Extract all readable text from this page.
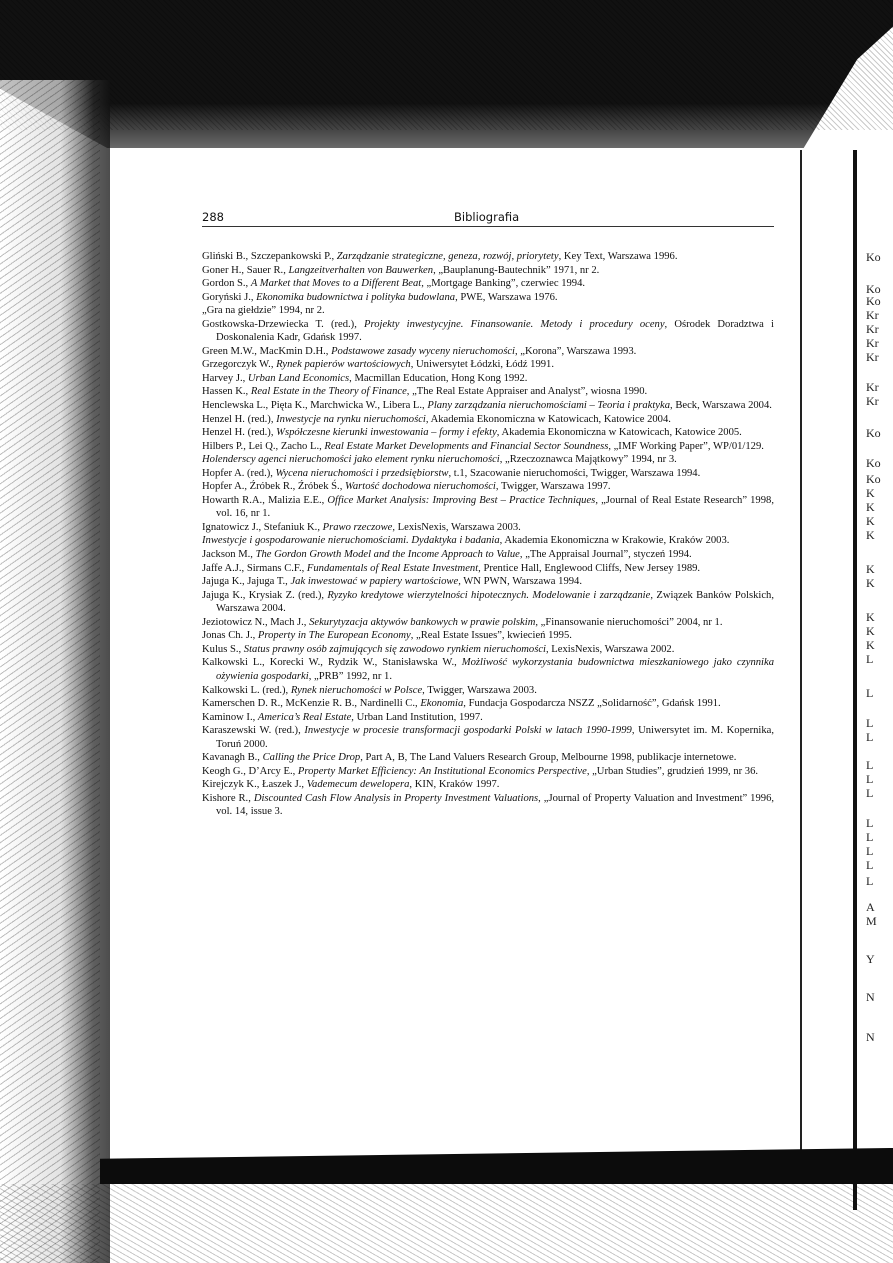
Ko
Ko
Ko
Kr
Kr
Kr
Kr
Kr
Kr
Ko
Ko
Ko
K
K
K
K
K
K
K
K
K
L
L
L
L
L
L
L
L
L
L
L
L
A
M
Y
N
N
288	Bibliografia

Gliński B., Szczepankowski P., Zarządzanie strategiczne, geneza, rozwój, priorytety, Key Text, Warszawa 1996.

Goner H., Sauer R., Langzeitverhalten von Bauwerken, „Bauplanung-Bautechnik” 1971, nr 2.

Gordon S., A Market that Moves to a Different Beat, „Mortgage Banking”, czerwiec 1994.

Goryński J., Ekonomika budownictwa i polityka budowlana, PWE, Warszawa 1976.

„Gra na giełdzie” 1994, nr 2.

Gostkowska-Drzewiecka T. (red.), Projekty inwestycyjne. Finansowanie. Metody i procedury oceny, Ośrodek Doradztwa i Doskonalenia Kadr, Gdańsk 1997.

Green M.W., MacKmin D.H., Podstawowe zasady wyceny nieruchomości, „Korona”, Warszawa 1993.

Grzegorczyk W., Rynek papierów wartościowych, Uniwersytet Łódzki, Łódź 1991.

Harvey J., Urban Land Economics, Macmillan Education, Hong Kong 1992.

Hassen K., Real Estate in the Theory of Finance, „The Real Estate Appraiser and Analyst”, wiosna 1990.

Henclewska L., Pięta K., Marchwicka W., Libera L., Plany zarządzania nieruchomościami – Teoria i praktyka, Beck, Warszawa 2004.

Henzel H. (red.), Inwestycje na rynku nieruchomości, Akademia Ekonomiczna w Katowicach, Katowice 2004.

Henzel H. (red.), Współczesne kierunki inwestowania – formy i efekty, Akademia Ekonomiczna w Katowicach, Katowice 2005.

Hilbers P., Lei Q., Zacho L., Real Estate Market Developments and Financial Sector Soundness, „IMF Working Paper”, WP/01/129.

Holenderscy agenci nieruchomości jako element rynku nieruchomości, „Rzeczoznawca Majątkowy” 1994, nr 3.

Hopfer A. (red.), Wycena nieruchomości i przedsiębiorstw, t.1, Szacowanie nieruchomości, Twigger, Warszawa 1994.

Hopfer A., Źróbek R., Źróbek Ś., Wartość dochodowa nieruchomości, Twigger, Warszawa 1997.

Howarth R.A., Malizia E.E., Office Market Analysis: Improving Best – Practice Techniques, „Journal of Real Estate Research” 1998, vol. 16, nr 1.

Ignatowicz J., Stefaniuk K., Prawo rzeczowe, LexisNexis, Warszawa 2003.

Inwestycje i gospodarowanie nieruchomościami. Dydaktyka i badania, Akademia Ekonomiczna w Krakowie, Kraków 2003.

Jackson M., The Gordon Growth Model and the Income Approach to Value, „The Appraisal Journal”, styczeń 1994.

Jaffe A.J., Sirmans C.F., Fundamentals of Real Estate Investment, Prentice Hall, Englewood Cliffs, New Jersey 1989.

Jajuga K., Jajuga T., Jak inwestować w papiery wartościowe, WN PWN, Warszawa 1994.

Jajuga K., Krysiak Z. (red.), Ryzyko kredytowe wierzytelności hipotecznych. Modelowanie i zarządzanie, Związek Banków Polskich, Warszawa 2004.

Jeziotowicz N., Mach J., Sekurytyzacja aktywów bankowych w prawie polskim, „Finansowanie nieruchomości” 2004, nr 1.

Jonas Ch. J., Property in The European Economy, „Real Estate Issues”, kwiecień 1995.

Kulus S., Status prawny osób zajmujących się zawodowo rynkiem nieruchomości, LexisNexis, Warszawa 2002.

Kalkowski L., Korecki W., Rydzik W., Stanisławska W., Możliwość wykorzystania budownictwa mieszkaniowego jako czynnika ożywienia gospodarki, „PRB” 1992, nr 1.

Kalkowski L. (red.), Rynek nieruchomości w Polsce, Twigger, Warszawa 2003.

Kamerschen D. R., McKenzie R. B., Nardinelli C., Ekonomia, Fundacja Gospodarcza NSZZ „Solidarność”, Gdańsk 1991.

Kaminow I., America’s Real Estate, Urban Land Institution, 1997.

Karaszewski W. (red.), Inwestycje w procesie transformacji gospodarki Polski w latach 1990-1999, Uniwersytet im. M. Kopernika, Toruń 2000.

Kavanagh B., Calling the Price Drop, Part A, B, The Land Valuers Research Group, Melbourne 1998, publikacje internetowe.

Keogh G., D’Arcy E., Property Market Efficiency: An Institutional Economics Perspective, „Urban Studies”, grudzień 1999, nr 36.

Kirejczyk K., Łaszek J., Vademecum dewelopera, KIN, Kraków 1997.

Kishore R., Discounted Cash Flow Analysis in Property Investment Valuations, „Journal of Property Valuation and Investment” 1996, vol. 14, issue 3.
